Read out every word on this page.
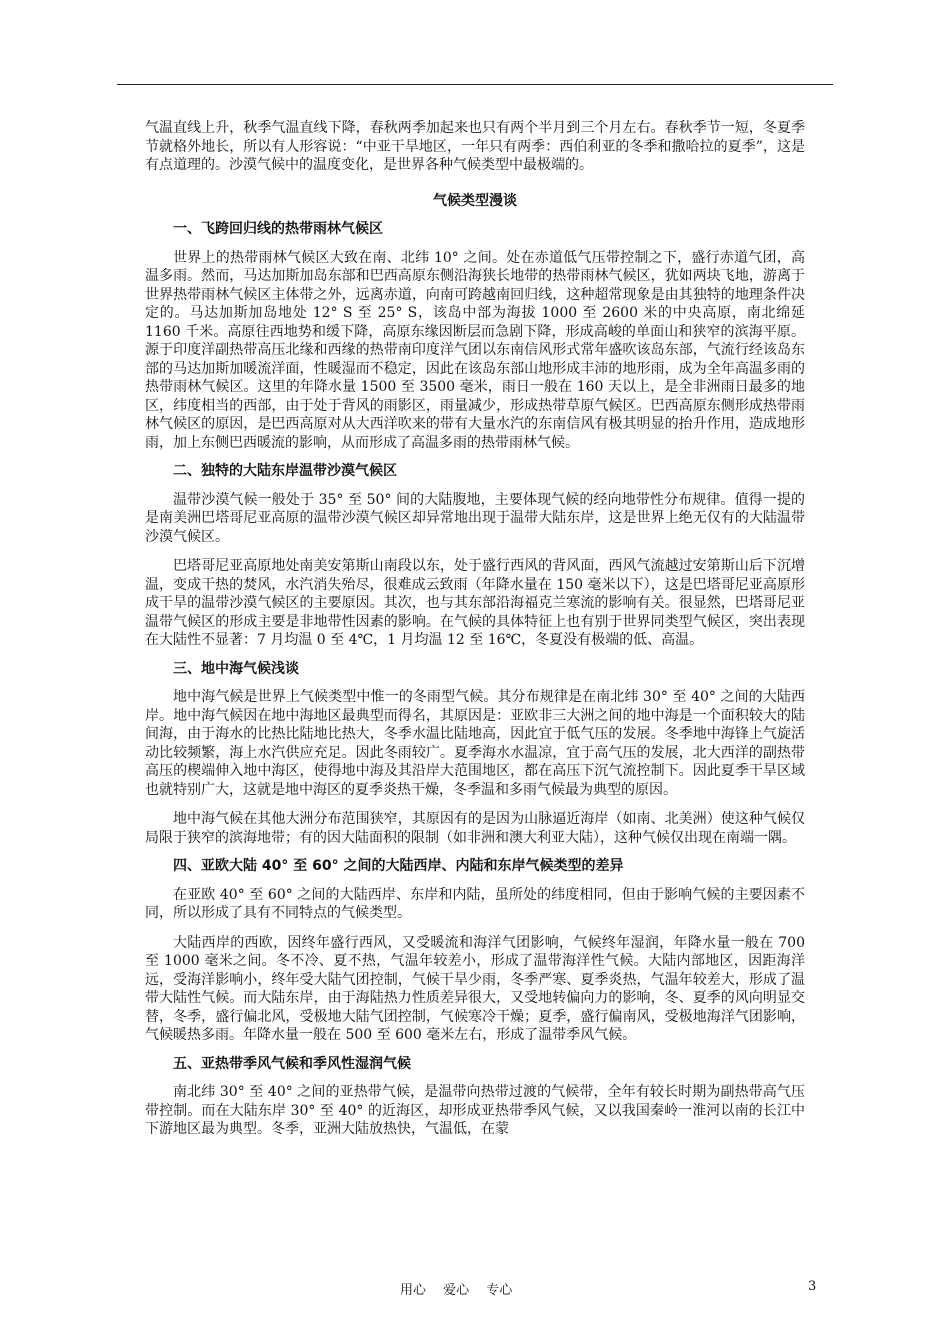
气温直线上升，秋季气温直线下降，春秋两季加起来也只有两个半月到三个月左右。春秋季节一短，冬夏季节就格外地长，所以有人形容说：“中亚干旱地区，一年只有两季：西伯利亚的冬季和撒哈拉的夏季”，这是有点道理的。沙漠气候中的温度变化，是世界各种气候类型中最极端的。

气候类型漫谈
一、飞跨回归线的热带雨林气候区

世界上的热带雨林气候区大致在南、北纬 10° 之间。处在赤道低气压带控制之下，盛行赤道气团，高温多雨。然而，马达加斯加岛东部和巴西高原东侧沿海狭长地带的热带雨林气候区，犹如两块飞地，游离于世界热带雨林气候区主体带之外，远离赤道，向南可跨越南回归线，这种超常现象是由其独特的地理条件决定的。马达加斯加岛地处 12° S 至 25° S，该岛中部为海拔 1000 至 2600 米的中央高原，南北绵延 1160 千米。高原往西地势和缓下降，高原东缘因断层而急剧下降，形成高峻的单面山和狭窄的滨海平原。源于印度洋副热带高压北缘和西缘的热带南印度洋气团以东南信风形式常年盛吹该岛东部，气流行经该岛东部的马达加斯加暖流洋面，性暖湿而不稳定，因此在该岛东部山地形成丰沛的地形雨，成为全年高温多雨的热带雨林气候区。这里的年降水量 1500 至 3500 毫米，雨日一般在 160 天以上，是全非洲雨日最多的地区，纬度相当的西部，由于处于背风的雨影区，雨量减少，形成热带草原气候区。巴西高原东侧形成热带雨林气候区的原因，是巴西高原对从大西洋吹来的带有大量水汽的东南信风有极其明显的抬升作用，造成地形雨，加上东侧巴西暖流的影响，从而形成了高温多雨的热带雨林气候。

二、独特的大陆东岸温带沙漠气候区

温带沙漠气候一般处于 35° 至 50° 间的大陆腹地，主要体现气候的经向地带性分布规律。值得一提的是南美洲巴塔哥尼亚高原的温带沙漠气候区却异常地出现于温带大陆东岸，这是世界上绝无仅有的大陆温带沙漠气候区。

巴塔哥尼亚高原地处南美安第斯山南段以东，处于盛行西风的背风面，西风气流越过安第斯山后下沉增温，变成干热的焚风，水汽消失殆尽，很难成云致雨（年降水量在 150 毫米以下），这是巴塔哥尼亚高原形成干旱的温带沙漠气候区的主要原因。其次，也与其东部沿海福克兰寒流的影响有关。很显然，巴塔哥尼亚温带气候区的形成主要是非地带性因素的影响。在气候的具体特征上也有别于世界同类型气候区，突出表现在大陆性不显著：7 月均温 0 至 4℃，1 月均温 12 至 16℃，冬夏没有极端的低、高温。

三、地中海气候浅谈

地中海气候是世界上气候类型中惟一的冬雨型气候。其分布规律是在南北纬 30° 至 40° 之间的大陆西岸。地中海气候因在地中海地区最典型而得名，其原因是：亚欧非三大洲之间的地中海是一个面积较大的陆间海，由于海水的比热比陆地比热大，冬季水温比陆地高，因此宜于低气压的发展。冬季地中海锋上气旋活动比较频繁，海上水汽供应充足。因此冬雨较广。夏季海水水温凉，宜于高气压的发展，北大西洋的副热带高压的楔端伸入地中海区，使得地中海及其沿岸大范围地区，都在高压下沉气流控制下。因此夏季干旱区域也就特别广大，这就是地中海区的夏季炎热干燥，冬季温和多雨气候最为典型的原因。

地中海气候在其他大洲分布范围狭窄，其原因有的是因为山脉逼近海岸（如南、北美洲）使这种气候仅局限于狭窄的滨海地带；有的因大陆面积的限制（如非洲和澳大利亚大陆），这种气候仅出现在南端一隅。

四、亚欧大陆 40° 至 60° 之间的大陆西岸、内陆和东岸气候类型的差异

在亚欧 40° 至 60° 之间的大陆西岸、东岸和内陆，虽所处的纬度相同，但由于影响气候的主要因素不同，所以形成了具有不同特点的气候类型。

大陆西岸的西欧，因终年盛行西风，又受暖流和海洋气团影响，气候终年湿润，年降水量一般在 700 至 1000 毫米之间。冬不冷、夏不热，气温年较差小，形成了温带海洋性气候。大陆内部地区，因距海洋远，受海洋影响小，终年受大陆气团控制，气候干旱少雨，冬季严寒、夏季炎热，气温年较差大，形成了温带大陆性气候。而大陆东岸，由于海陆热力性质差异很大，又受地转偏向力的影响，冬、夏季的风向明显交替，冬季，盛行偏北风，受极地大陆气团控制，气候寒冷干燥；夏季，盛行偏南风，受极地海洋气团影响，气候暖热多雨。年降水量一般在 500 至 600 毫米左右，形成了温带季风气候。

五、亚热带季风气候和季风性湿润气候

南北纬 30° 至 40° 之间的亚热带气候，是温带向热带过渡的气候带，全年有较长时期为副热带高气压带控制。而在大陆东岸 30° 至 40° 的近海区，却形成亚热带季风气候，又以我国秦岭一淮河以南的长江中下游地区最为典型。冬季，亚洲大陆放热快，气温低，在蒙

用心　 爱心　 专心	3
